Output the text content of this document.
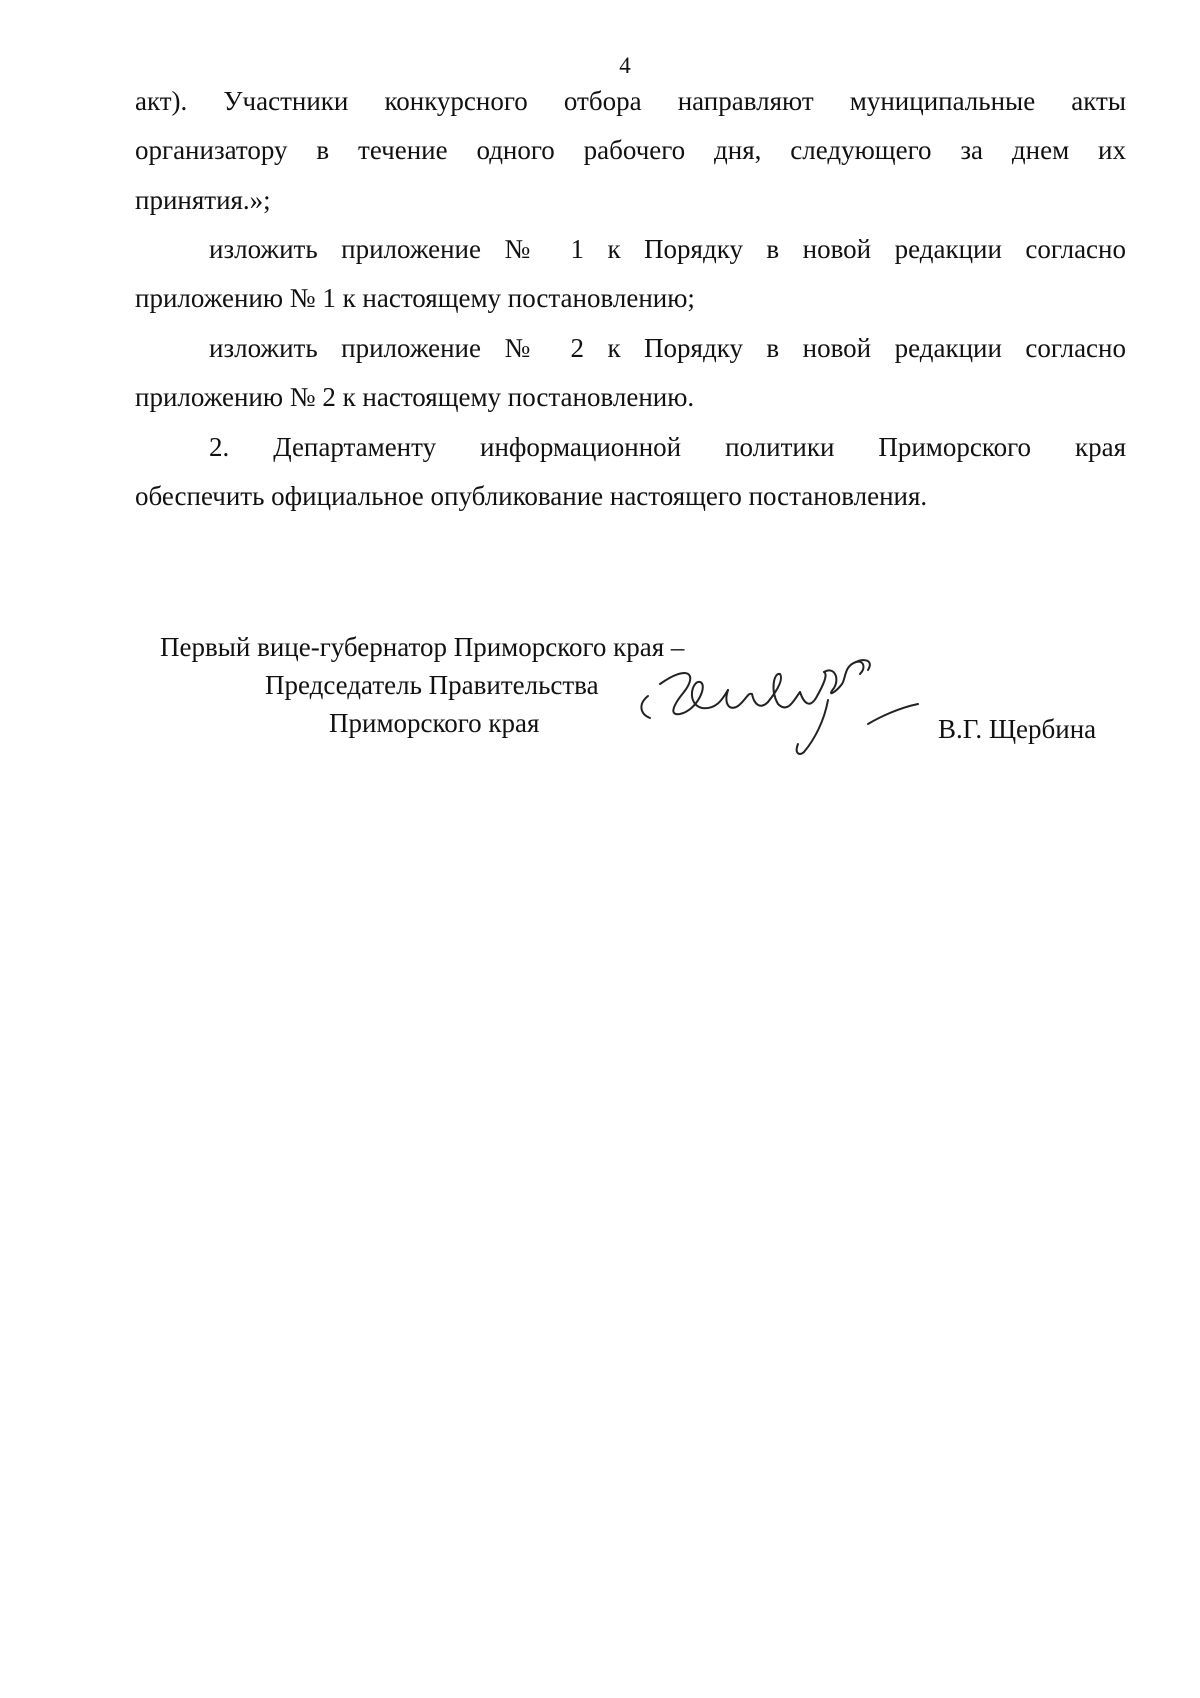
4
акт). Участники конкурсного отбора направляют муниципальные акты
организатору в течение одного рабочего дня, следующего за днем их
принятия.»;
изложить приложение № 1 к Порядку в новой редакции согласно
приложению № 1 к настоящему постановлению;
изложить приложение № 2 к Порядку в новой редакции согласно
приложению № 2 к настоящему постановлению.
2. Департаменту информационной политики Приморского края
обеспечить официальное опубликование настоящего постановления.
Первый вице-губернатор Приморского края –
Председатель Правительства
Приморского края	В.Г. Щербина
